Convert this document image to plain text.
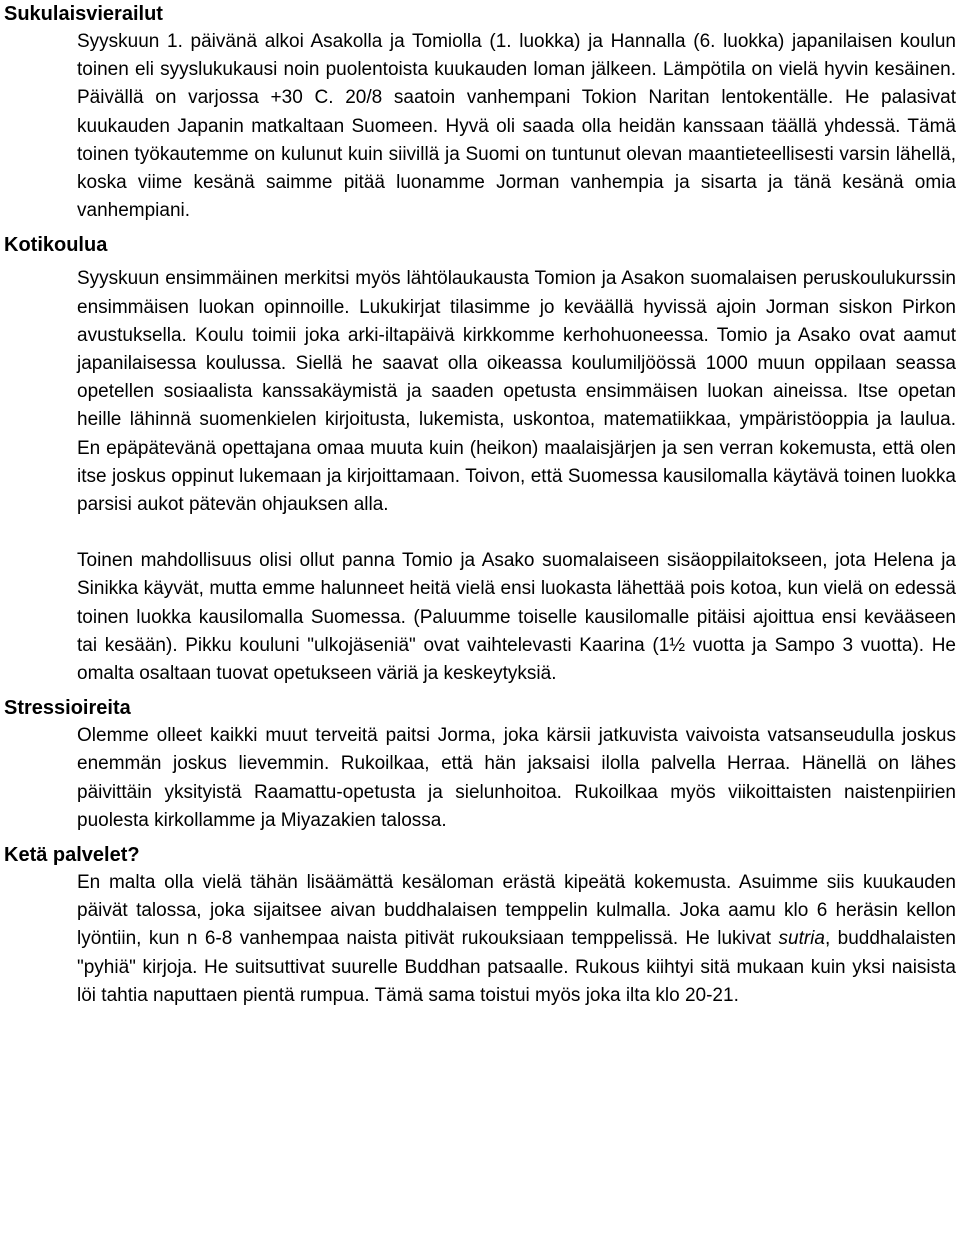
Sukulaisvierailut

Syyskuun 1. päivänä alkoi Asakolla ja Tomiolla (1. luokka) ja Hannalla (6. luokka) japanilaisen koulun toinen eli syyslukukausi noin puolentoista kuukauden loman jälkeen. Lämpötila on vielä hyvin kesäinen. Päivällä on varjossa +30 C. 20/8 saatoin vanhempani Tokion Naritan lentokentälle. He palasivat kuukauden Japanin matkaltaan Suomeen. Hyvä oli saada olla heidän kanssaan täällä yhdessä. Tämä toinen työkautemme on kulunut kuin siivillä ja Suomi on tuntunut olevan maantieteellisesti varsin lähellä, koska viime kesänä saimme pitää luonamme Jorman vanhempia ja sisarta ja tänä kesänä omia vanhempiani.

Kotikoulua

Syyskuun ensimmäinen merkitsi myös lähtölaukausta Tomion ja Asakon suomalaisen peruskoulukurssin ensimmäisen luokan opinnoille. Lukukirjat tilasimme jo keväällä hyvissä ajoin Jorman siskon Pirkon avustuksella. Koulu toimii joka arki-iltapäivä kirkkomme kerhohuoneessa. Tomio ja Asako ovat aamut japanilaisessa koulussa. Siellä he saavat olla oikeassa koulumiljöössä 1000 muun oppilaan seassa opetellen sosiaalista kanssakäymistä ja saaden opetusta ensimmäisen luokan aineissa. Itse opetan heille lähinnä suomenkielen kirjoitusta, lukemista, uskontoa, matematiikkaa, ympäristöoppia ja laulua. En epäpätevänä opettajana omaa muuta kuin (heikon) maalaisjärjen ja sen verran kokemusta, että olen itse joskus oppinut lukemaan ja kirjoittamaan. Toivon, että Suomessa kausilomalla käytävä toinen luokka parsisi aukot pätevän ohjauksen alla.

Toinen mahdollisuus olisi ollut panna Tomio ja Asako suomalaiseen sisäoppilaitokseen, jota Helena ja Sinikka käyvät, mutta emme halunneet heitä vielä ensi luokasta lähettää pois kotoa, kun vielä on edessä toinen luokka kausilomalla Suomessa. (Paluumme toiselle kausilomalle pitäisi ajoittua ensi kevääseen tai kesään). Pikku kouluni "ulkojäseniä" ovat vaihtelevasti Kaarina (1½ vuotta ja Sampo 3 vuotta). He omalta osaltaan tuovat opetukseen väriä ja keskeytyksiä.

Stressioireita

Olemme olleet kaikki muut terveitä paitsi Jorma, joka kärsii jatkuvista vaivoista vatsanseudulla joskus enemmän joskus lievemmin. Rukoilkaa, että hän jaksaisi ilolla palvella Herraa. Hänellä on lähes päivittäin yksityistä Raamattu-opetusta ja sielunhoitoa. Rukoilkaa myös viikoittaisten naistenpiirien puolesta kirkollamme ja Miyazakien talossa.

Ketä palvelet?

En malta olla vielä tähän lisäämättä kesäloman erästä kipeätä kokemusta. Asuimme siis kuukauden päivät talossa, joka sijaitsee aivan buddhalaisen temppelin kulmalla. Joka aamu klo 6 heräsin kellon lyöntiin, kun n 6-8 vanhempaa naista pitivät rukouksiaan temppelissä. He lukivat sutria, buddhalaisten "pyhiä" kirjoja. He suitsuttivat suurelle Buddhan patsaalle. Rukous kiihtyi sitä mukaan kuin yksi naisista löi tahtia naputtaen pientä rumpua. Tämä sama toistui myös joka ilta klo 20-21.
